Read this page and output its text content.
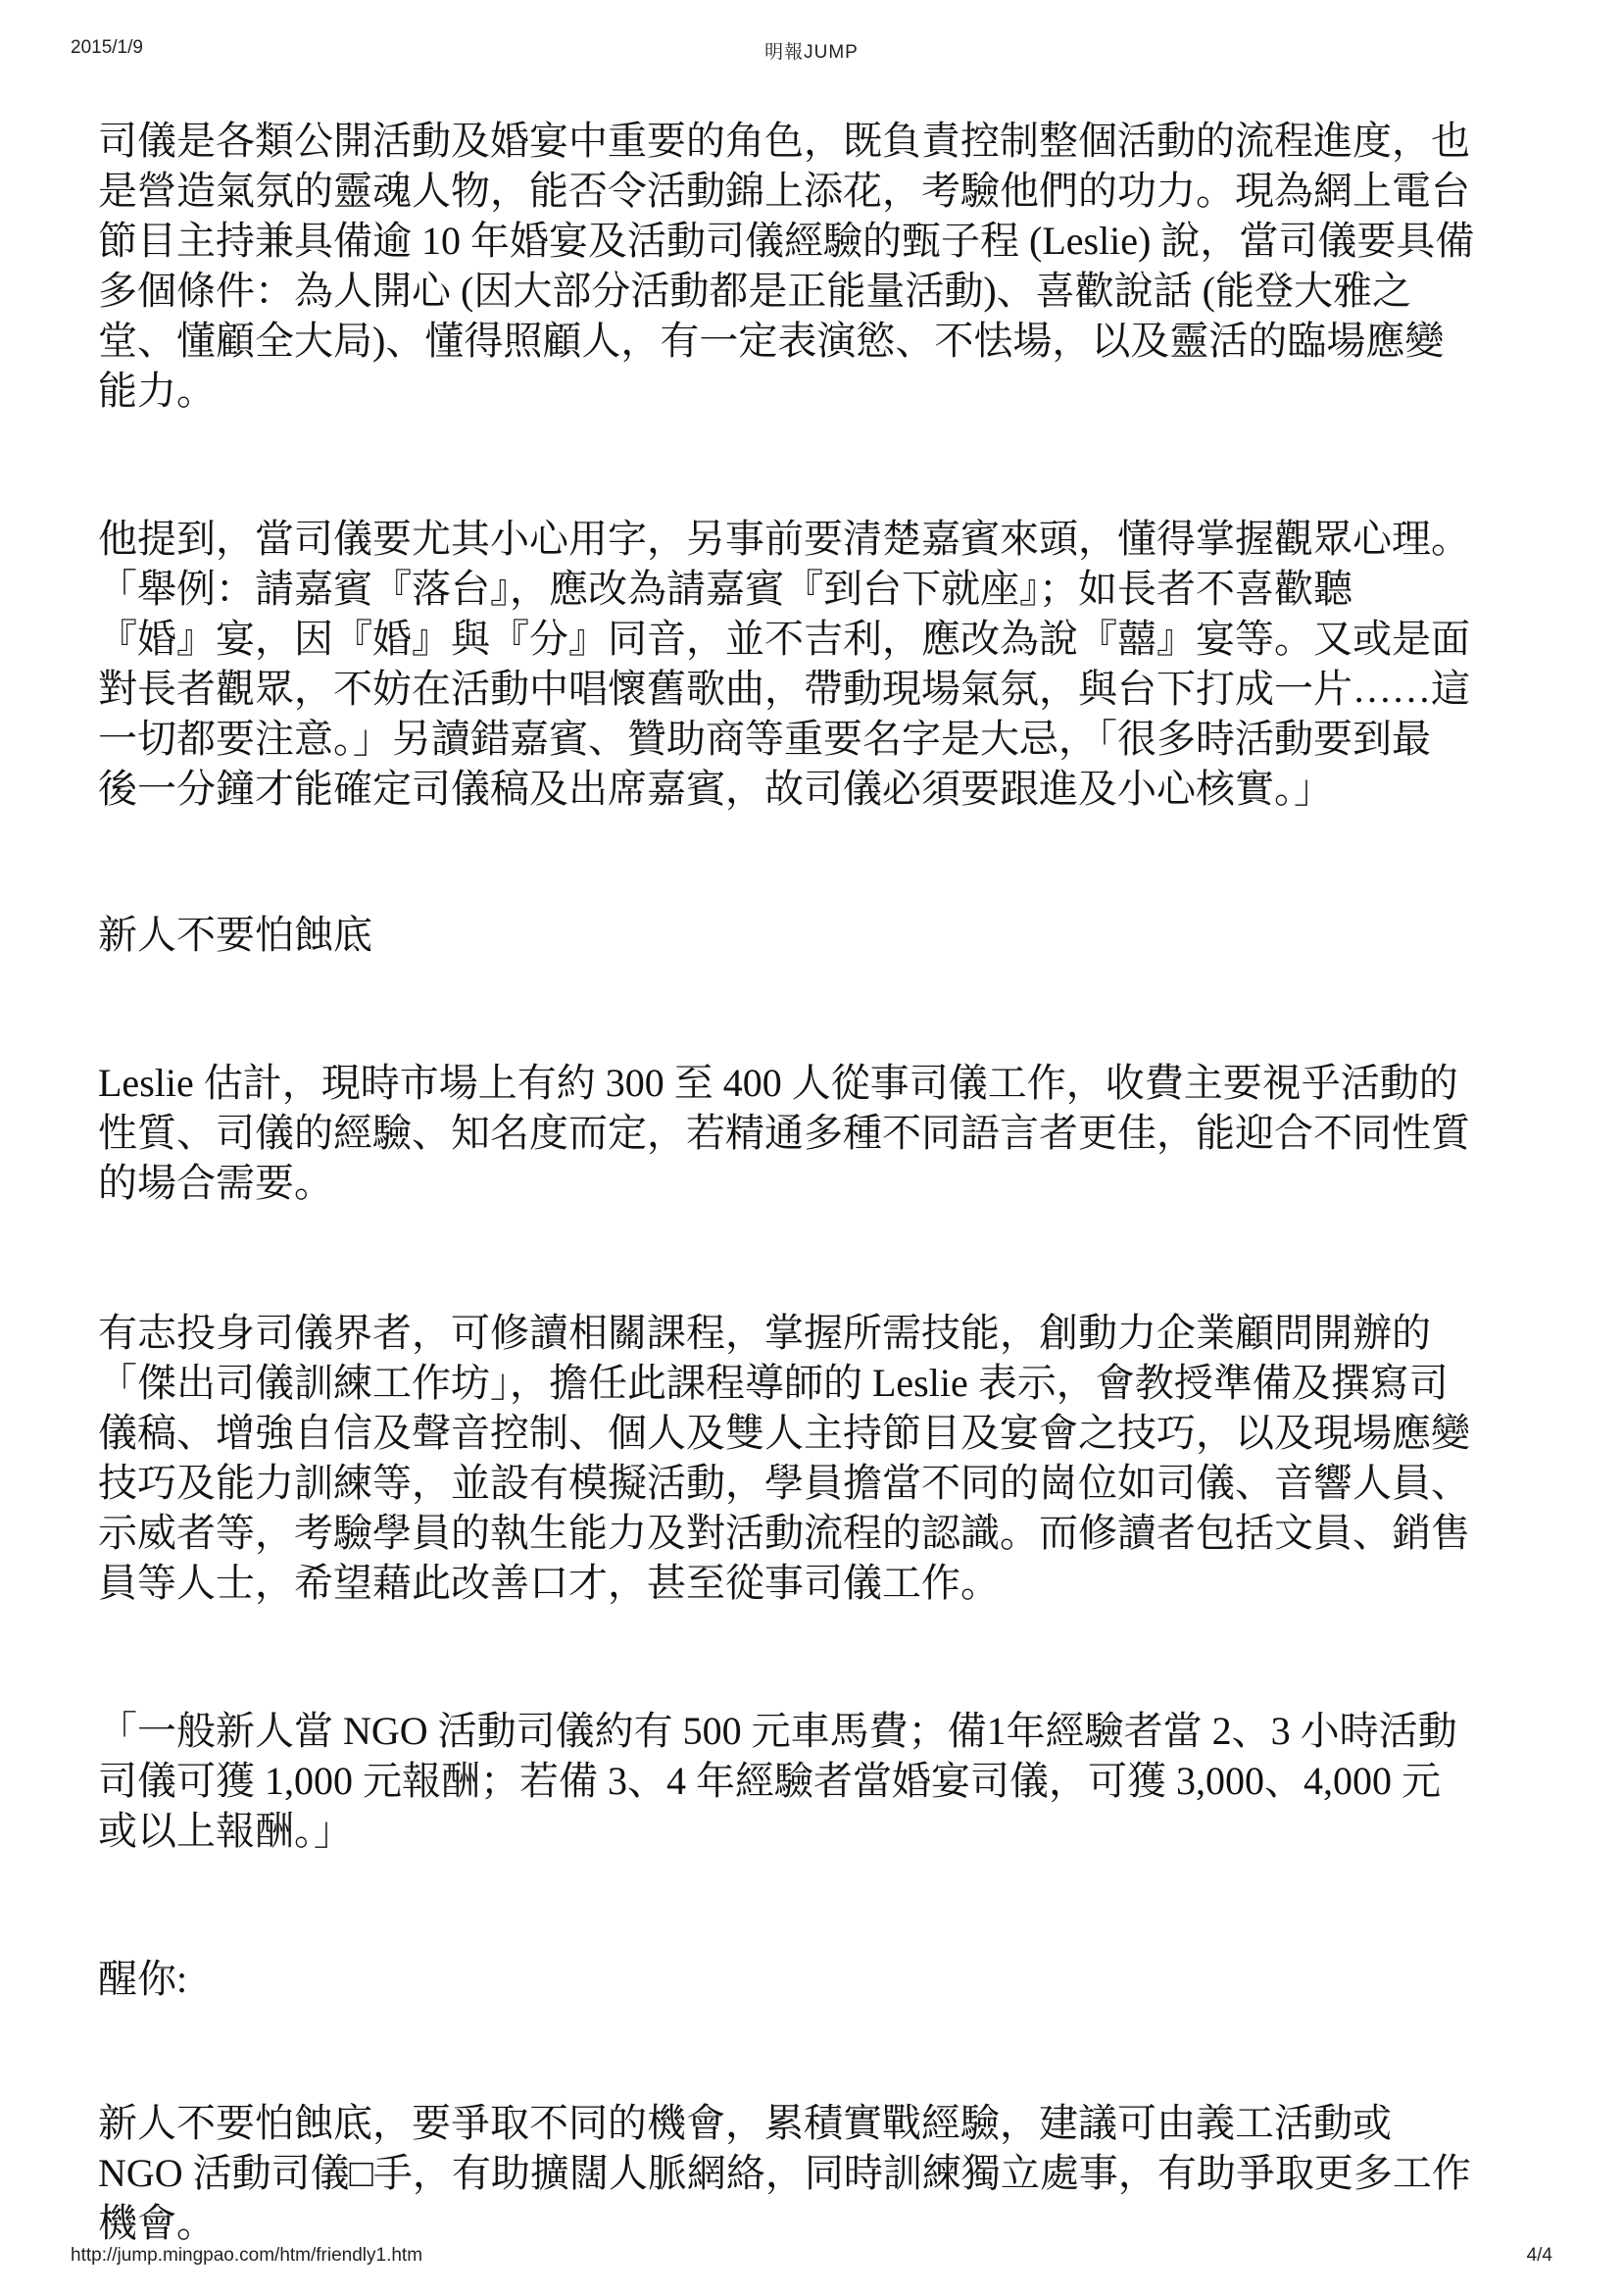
2015/1/9	明報JUMP

司儀是各類公開活動及婚宴中重要的角色，既負責控制整個活動的流程進度，也
是營造氣氛的靈魂人物，能否令活動錦上添花，考驗他們的功力。現為網上電台
節目主持兼具備逾 10 年婚宴及活動司儀經驗的甄子程 (Leslie) 說，當司儀要具備
多個條件：為人開心 (因大部分活動都是正能量活動)、喜歡說話 (能登大雅之
堂、懂顧全大局)、懂得照顧人，有一定表演慾、不怯場，以及靈活的臨場應變
能力。

他提到，當司儀要尤其小心用字，另事前要清楚嘉賓來頭，懂得掌握觀眾心理。
「舉例：請嘉賓『落台』，應改為請嘉賓『到台下就座』；如長者不喜歡聽
『婚』宴，因『婚』與『分』同音，並不吉利，應改為說『囍』宴等。又或是面
對長者觀眾，不妨在活動中唱懷舊歌曲，帶動現場氣氛，與台下打成一片……這
一切都要注意。」另讀錯嘉賓、贊助商等重要名字是大忌，「很多時活動要到最
後一分鐘才能確定司儀稿及出席嘉賓，故司儀必須要跟進及小心核實。」

新人不要怕蝕底

Leslie 估計，現時市場上有約 300 至 400 人從事司儀工作，收費主要視乎活動的
性質、司儀的經驗、知名度而定，若精通多種不同語言者更佳，能迎合不同性質
的場合需要。

有志投身司儀界者，可修讀相關課程，掌握所需技能，創動力企業顧問開辦的
「傑出司儀訓練工作坊」，擔任此課程導師的 Leslie 表示，會教授準備及撰寫司
儀稿、增強自信及聲音控制、個人及雙人主持節目及宴會之技巧，以及現場應變
技巧及能力訓練等，並設有模擬活動，學員擔當不同的崗位如司儀、音響人員、
示威者等，考驗學員的執生能力及對活動流程的認識。而修讀者包括文員、銷售
員等人士，希望藉此改善口才，甚至從事司儀工作。

「一般新人當 NGO 活動司儀約有 500 元車馬費；備1年經驗者當 2、3 小時活動
司儀可獲 1,000 元報酬；若備 3、4 年經驗者當婚宴司儀，可獲 3,000、4,000 元
或以上報酬。」

醒你:

新人不要怕蝕底，要爭取不同的機會，累積實戰經驗，建議可由義工活動或
NGO 活動司儀□手，有助擴闊人脈網絡，同時訓練獨立處事，有助爭取更多工作
機會。

http://jump.mingpao.com/htm/friendly1.htm	4/4
